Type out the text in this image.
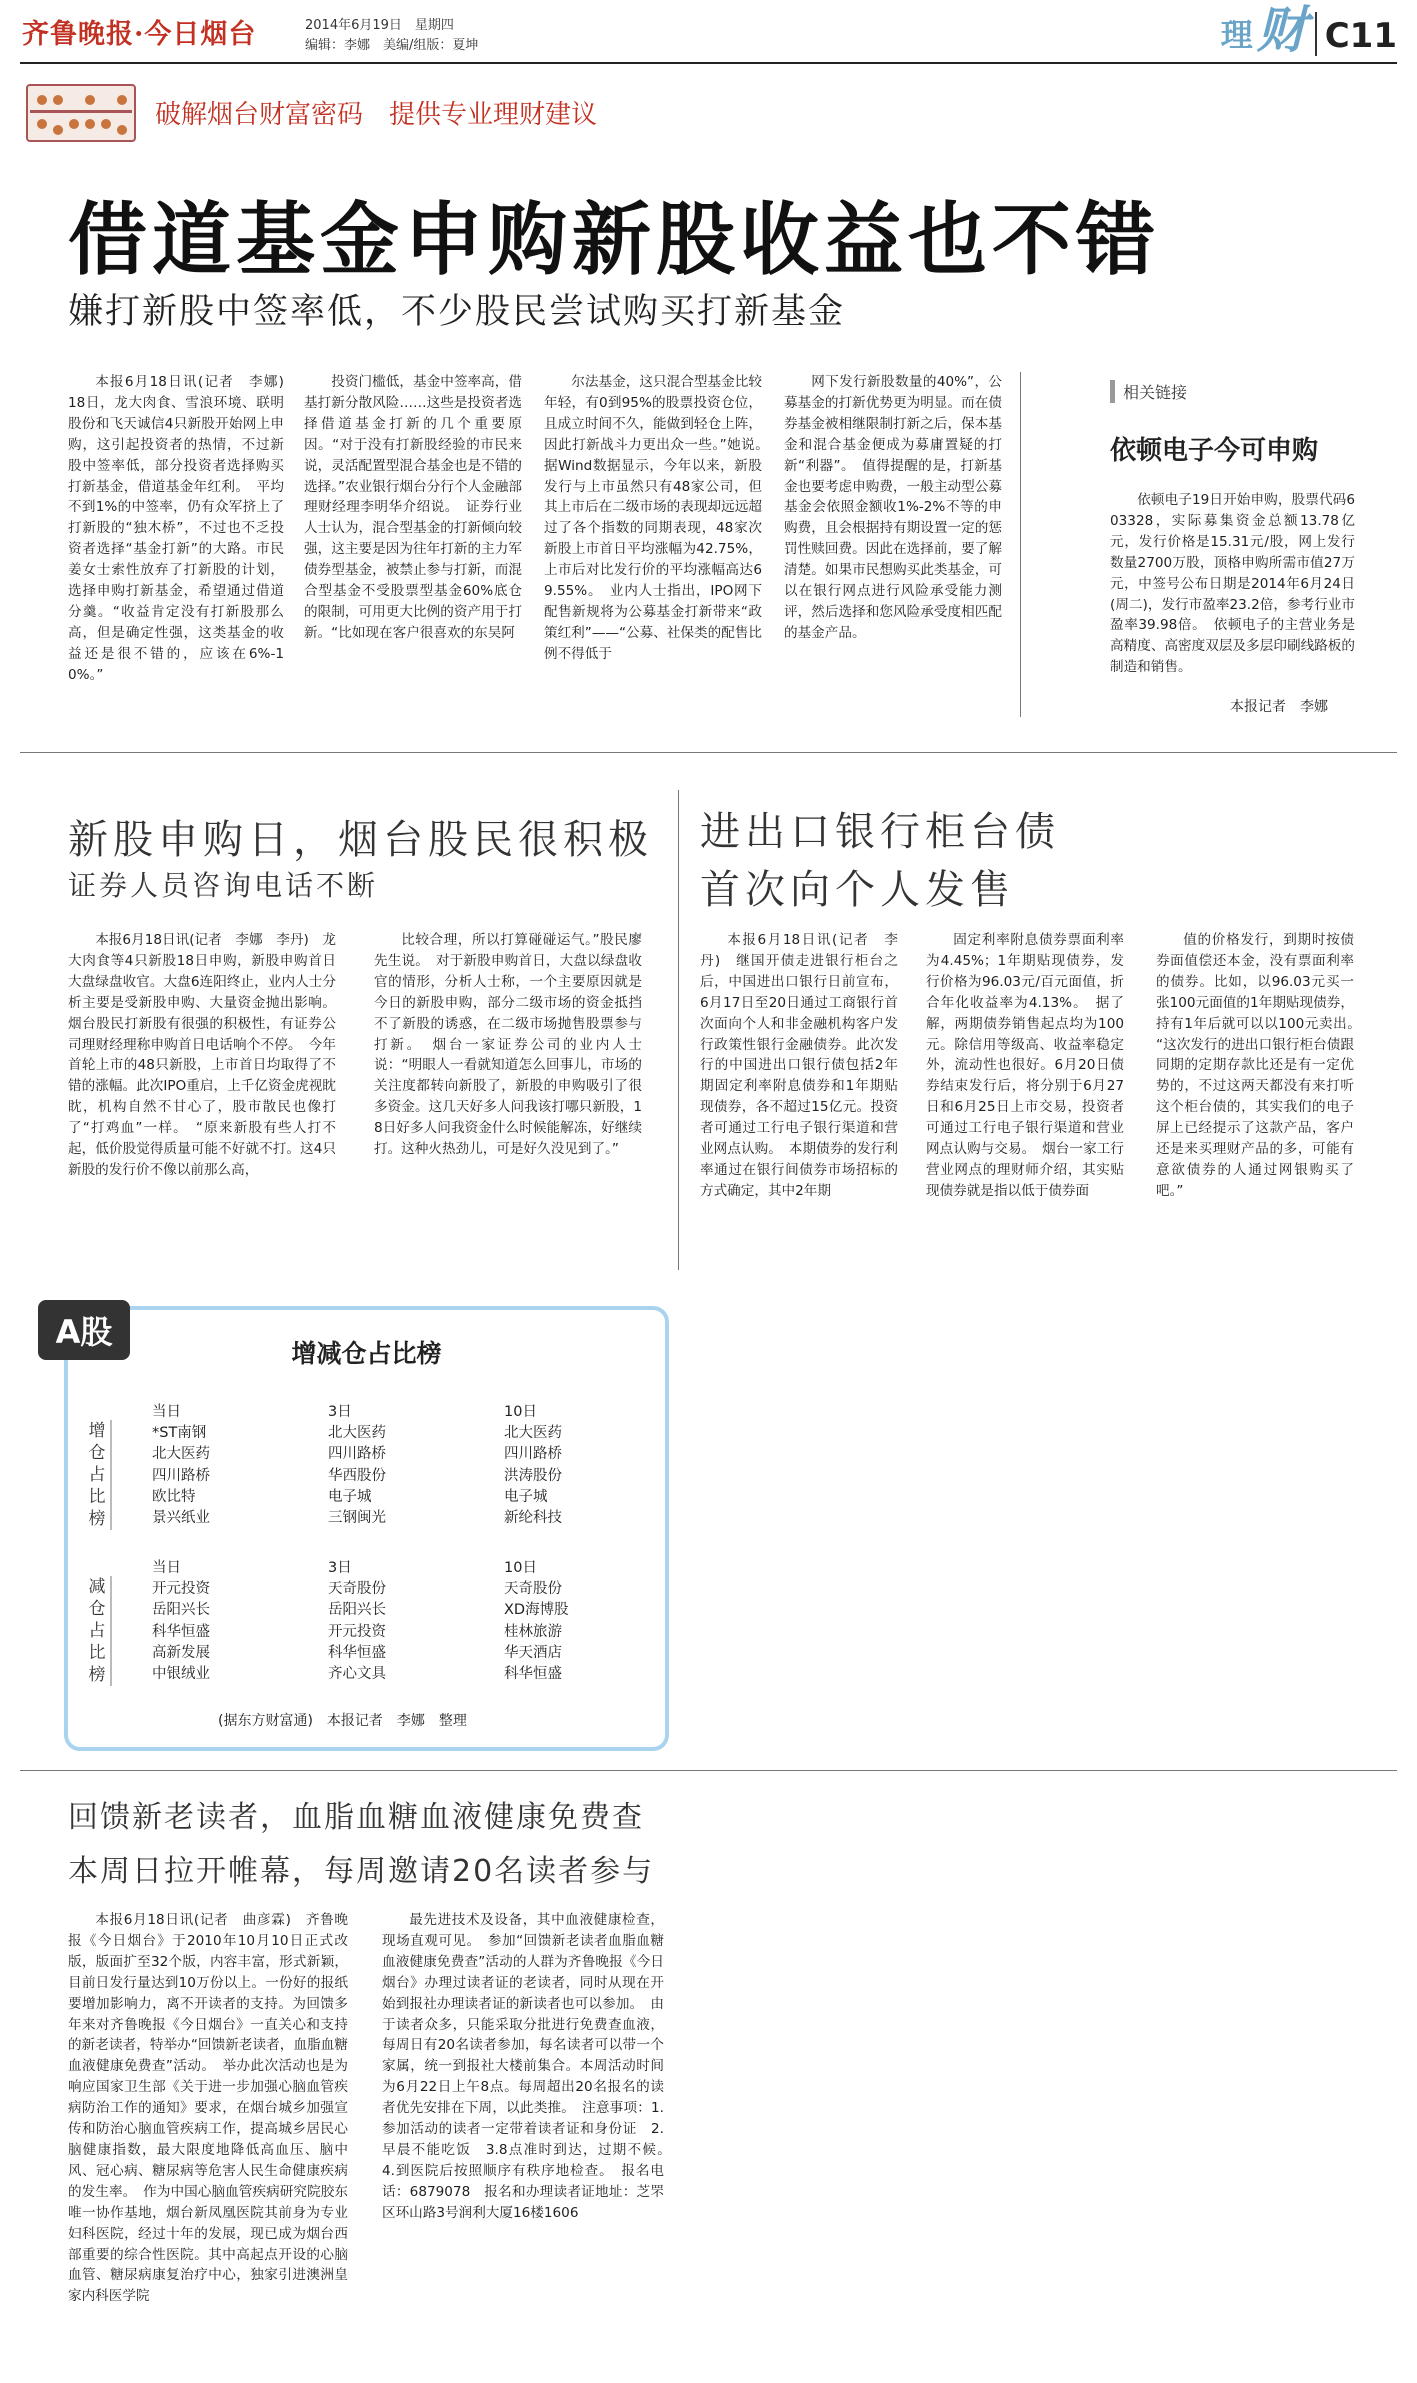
齐鲁晚报·今日烟台	2014年6月19日　星期四
编辑：李娜　美编/组版：夏坤	理 财 C11
破解烟台财富密码　提供专业理财建议
借道基金申购新股收益也不错
嫌打新股中签率低，不少股民尝试购买打新基金

本报6月18日讯(记者　李娜)　18日，龙大肉食、雪浪环境、联明股份和飞天诚信4只新股开始网上申购，这引起投资者的热情，不过新股中签率低，部分投资者选择购买打新基金，借道基金年红利。　平均不到1%的中签率，仍有众军挤上了打新股的“独木桥”，不过也不乏投资者选择“基金打新”的大路。市民姜女士索性放弃了打新股的计划，选择申购打新基金，希望通过借道分羹。“收益肯定没有打新股那么高，但是确定性强，这类基金的收益还是很不错的，应该在6%-10%。”

投资门槛低，基金中签率高，借基打新分散风险……这些是投资者选择借道基金打新的几个重要原因。“对于没有打新股经验的市民来说，灵活配置型混合基金也是不错的选择。”农业银行烟台分行个人金融部理财经理李明华介绍说。　证券行业人士认为，混合型基金的打新倾向较强，这主要是因为往年打新的主力军债券型基金，被禁止参与打新，而混合型基金不受股票型基金60%底仓的限制，可用更大比例的资产用于打新。“比如现在客户很喜欢的东吴阿

尔法基金，这只混合型基金比较年轻，有0到95%的股票投资仓位，且成立时间不久，能做到轻仓上阵，因此打新战斗力更出众一些。”她说。　据Wind数据显示，今年以来，新股发行与上市虽然只有48家公司，但其上市后在二级市场的表现却远远超过了各个指数的同期表现，48家次新股上市首日平均涨幅为42.75%，上市后对比发行价的平均涨幅高达69.55%。　业内人士指出，IPO网下配售新规将为公募基金打新带来“政策红利”——“公募、社保类的配售比例不得低于

网下发行新股数量的40%”，公募基金的打新优势更为明显。而在债券基金被相继限制打新之后，保本基金和混合基金便成为募庸置疑的打新“利器”。　值得提醒的是，打新基金也要考虑申购费，一般主动型公募基金会依照金额收1%-2%不等的申购费，且会根据持有期设置一定的惩罚性赎回费。因此在选择前，要了解清楚。如果市民想购买此类基金，可以在银行网点进行风险承受能力测评，然后选择和您风险承受度相匹配的基金产品。

相关链接
依顿电子今可申购

依顿电子19日开始申购，股票代码603328，实际募集资金总额13.78亿元，发行价格是15.31元/股，网上发行数量2700万股，顶格申购所需市值27万元，中签号公布日期是2014年6月24日(周二)，发行市盈率23.2倍，参考行业市盈率39.98倍。　依顿电子的主营业务是高精度、高密度双层及多层印刷线路板的制造和销售。

本报记者　李娜
新股申购日，烟台股民很积极
证券人员咨询电话不断

本报6月18日讯(记者　李娜　李丹)　龙大肉食等4只新股18日申购，新股申购首日大盘绿盘收官。大盘6连阳终止，业内人士分析主要是受新股申购、大量资金抛出影响。烟台股民打新股有很强的积极性，有证券公司理财经理称申购首日电话响个不停。　今年首轮上市的48只新股，上市首日均取得了不错的涨幅。此次IPO重启，上千亿资金虎视眈眈，机构自然不甘心了，股市散民也像打了“打鸡血”一样。　“原来新股有些人打不起，低价股觉得质量可能不好就不打。这4只新股的发行价不像以前那么高，

比较合理，所以打算碰碰运气。”股民廖先生说。　对于新股申购首日，大盘以绿盘收官的情形，分析人士称，一个主要原因就是今日的新股申购，部分二级市场的资金抵挡不了新股的诱惑，在二级市场抛售股票参与打新。　烟台一家证券公司的业内人士说：“明眼人一看就知道怎么回事儿，市场的关注度都转向新股了，新股的申购吸引了很多资金。这几天好多人问我该打哪只新股，18日好多人问我资金什么时候能解冻，好继续打。这种火热劲儿，可是好久没见到了。”

进出口银行柜台债
首次向个人发售

本报6月18日讯(记者　李丹)　继国开债走进银行柜台之后，中国进出口银行日前宣布，6月17日至20日通过工商银行首次面向个人和非金融机构客户发行政策性银行金融债券。此次发行的中国进出口银行债包括2年期固定利率附息债券和1年期贴现债券，各不超过15亿元。投资者可通过工行电子银行渠道和营业网点认购。　本期债券的发行利率通过在银行间债券市场招标的方式确定，其中2年期

固定利率附息债券票面利率为4.45%；1年期贴现债券，发行价格为96.03元/百元面值，折合年化收益率为4.13%。　据了解，两期债券销售起点均为100元。除信用等级高、收益率稳定外，流动性也很好。6月20日债券结束发行后，将分别于6月27日和6月25日上市交易，投资者可通过工行电子银行渠道和营业网点认购与交易。　烟台一家工行营业网点的理财师介绍，其实贴现债券就是指以低于债券面

值的价格发行，到期时按债券面值偿还本金，没有票面利率的债券。比如，以96.03元买一张100元面值的1年期贴现债券，持有1年后就可以以100元卖出。　“这次发行的进出口银行柜台债跟同期的定期存款比还是有一定优势的，不过这两天都没有来打听这个柜台债的，其实我们的电子屏上已经提示了这款产品，客户还是来买理财产品的多，可能有意欲债券的人通过网银购买了吧。”

增减仓占比榜
增仓占比榜
当日
*ST南钢
北大医药
四川路桥
欧比特
景兴纸业
3日
北大医药
四川路桥
华西股份
电子城
三钢闽光
10日
北大医药
四川路桥
洪涛股份
电子城
新纶科技
减仓占比榜
当日
开元投资
岳阳兴长
科华恒盛
高新发展
中银绒业
3日
天奇股份
岳阳兴长
开元投资
科华恒盛
齐心文具
10日
天奇股份
XD海博股
桂林旅游
华天酒店
科华恒盛
(据东方财富通)　本报记者　李娜　整理
A股
回馈新老读者，血脂血糖血液健康免费查
本周日拉开帷幕，每周邀请20名读者参与

本报6月18日讯(记者　曲彦霖)　齐鲁晚报《今日烟台》于2010年10月10日正式改版，版面扩至32个版，内容丰富，形式新颖，目前日发行量达到10万份以上。一份好的报纸要增加影响力，离不开读者的支持。为回馈多年来对齐鲁晚报《今日烟台》一直关心和支持的新老读者，特举办“回馈新老读者，血脂血糖血液健康免费查”活动。　举办此次活动也是为响应国家卫生部《关于进一步加强心脑血管疾病防治工作的通知》要求，在烟台城乡加强宣传和防治心脑血管疾病工作，提高城乡居民心脑健康指数，最大限度地降低高血压、脑中风、冠心病、糖尿病等危害人民生命健康疾病的发生率。　作为中国心脑血管疾病研究院胶东唯一协作基地，烟台新凤凰医院其前身为专业妇科医院，经过十年的发展，现已成为烟台西部重要的综合性医院。其中高起点开设的心脑血管、糖尿病康复治疗中心，独家引进澳洲皇家内科医学院

最先进技术及设备，其中血液健康检查，现场直观可见。　参加“回馈新老读者血脂血糖血液健康免费查”活动的人群为齐鲁晚报《今日烟台》办理过读者证的老读者，同时从现在开始到报社办理读者证的新读者也可以参加。　由于读者众多，只能采取分批进行免费查血液，每周日有20名读者参加，每名读者可以带一个家属，统一到报社大楼前集合。本周活动时间为6月22日上午8点。每周超出20名报名的读者优先安排在下周，以此类推。　注意事项：1.参加活动的读者一定带着读者证和身份证　2.早晨不能吃饭　3.8点准时到达，过期不候。　4.到医院后按照顺序有秩序地检查。　报名电话：6879078　报名和办理读者证地址：芝罘区环山路3号润利大厦16楼1606
